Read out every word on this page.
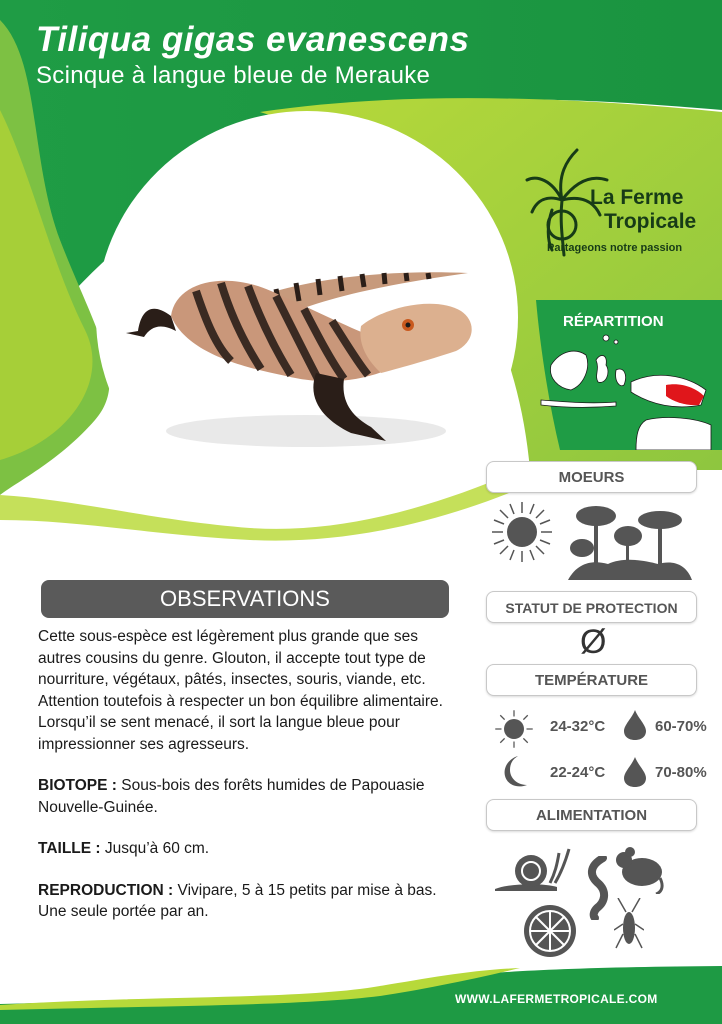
Tiliqua gigas evanescens
Scinque à langue bleue de Merauke
La Ferme
Tropicale
Partageons notre passion
RÉPARTITION
MOEURS
STATUT DE PROTECTION
Ø
TEMPÉRATURE
24-32°C	60-70%
22-24°C	70-80%
ALIMENTATION
OBSERVATIONS

Cette sous-espèce est légèrement plus grande que ses autres cousins du genre. Glouton, il accepte tout type de nourriture, végétaux, pâtés, insectes, souris, viande, etc. Attention toutefois à respecter un bon équilibre alimentaire. Lorsqu’il se sent menacé, il sort la langue bleue pour impressionner ses agresseurs.

BIOTOPE : Sous-bois des forêts humides de Papouasie Nouvelle-Guinée.

TAILLE : Jusqu’à 60 cm.

REPRODUCTION : Vivipare, 5 à 15 petits par mise à bas. Une seule portée par an.

WWW.LAFERMETROPICALE.COM
